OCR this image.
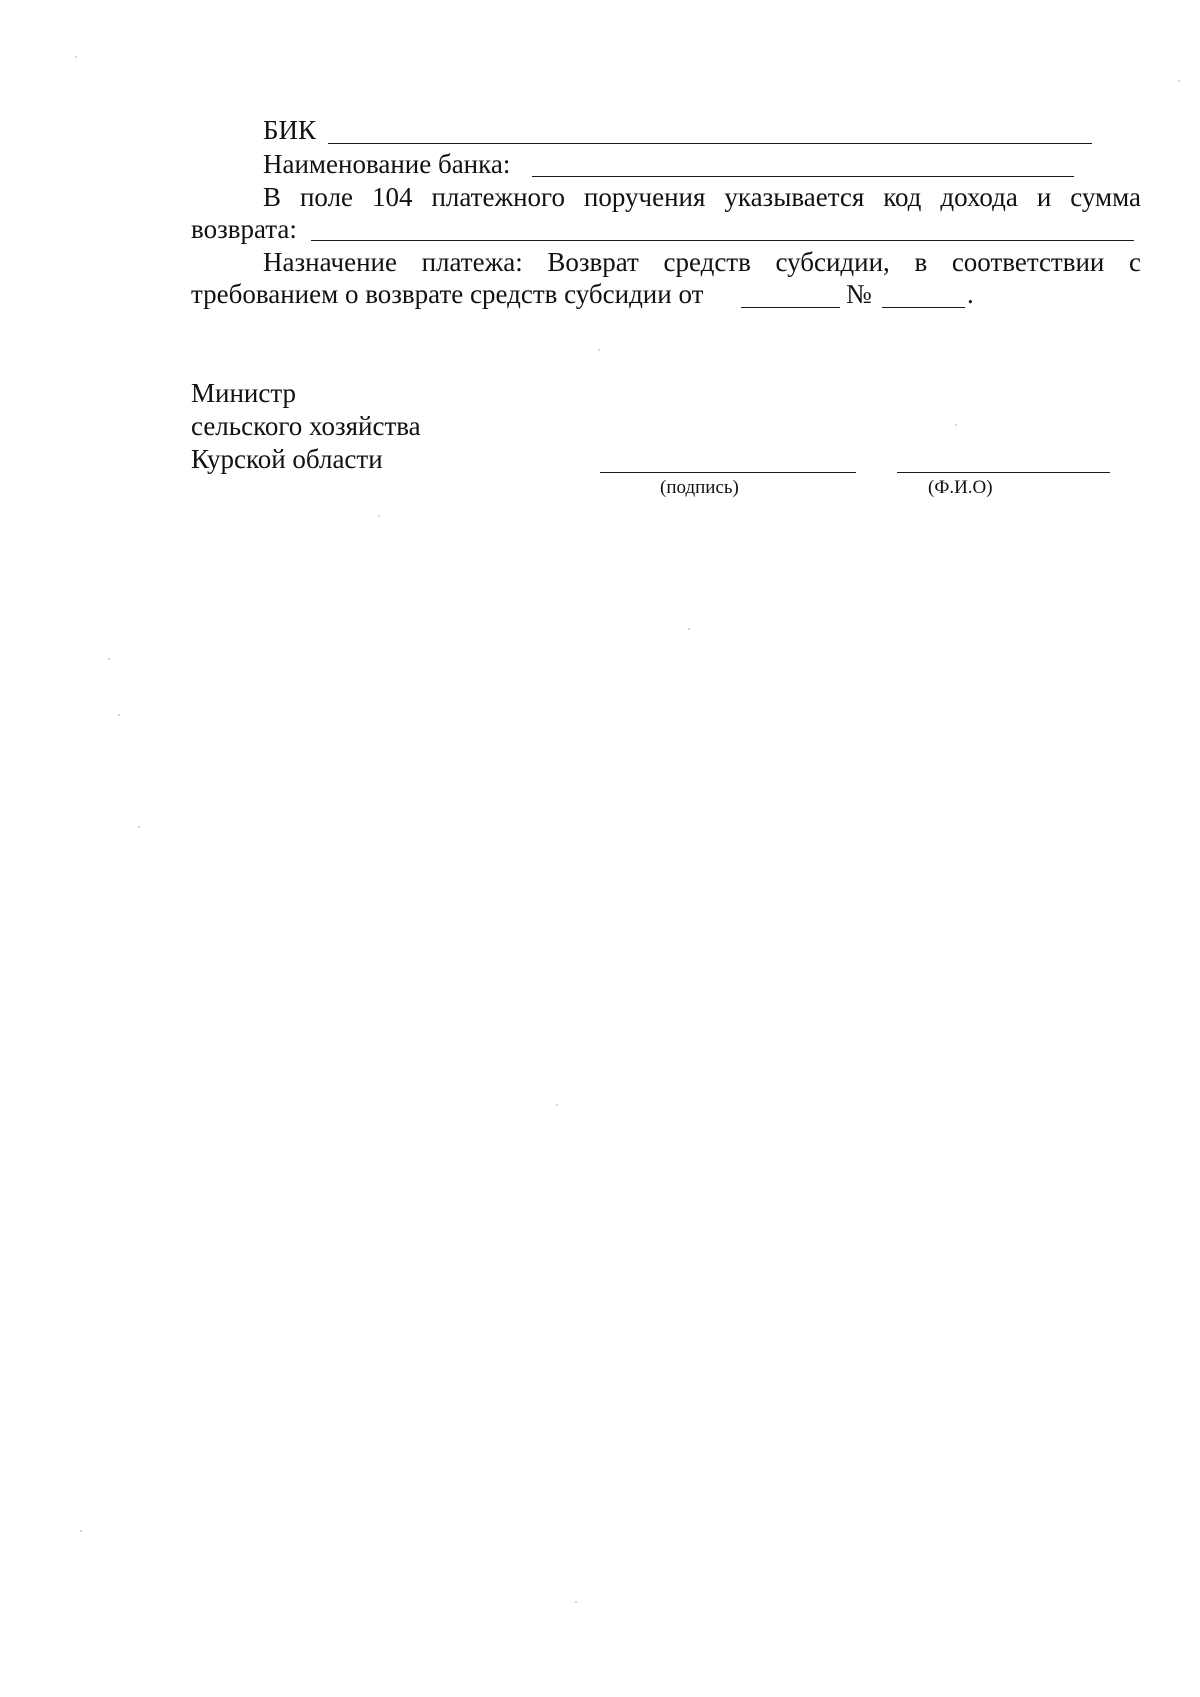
БИК
Наименование банка:
В поле 104 платежного поручения указывается код дохода и сумма
возврата:
Назначение платежа: Возврат средств субсидии, в соответствии с
требованием о возврате средств субсидии от	№	.
Министр
сельского хозяйства
Курской области
(подпись)	(Ф.И.О)
